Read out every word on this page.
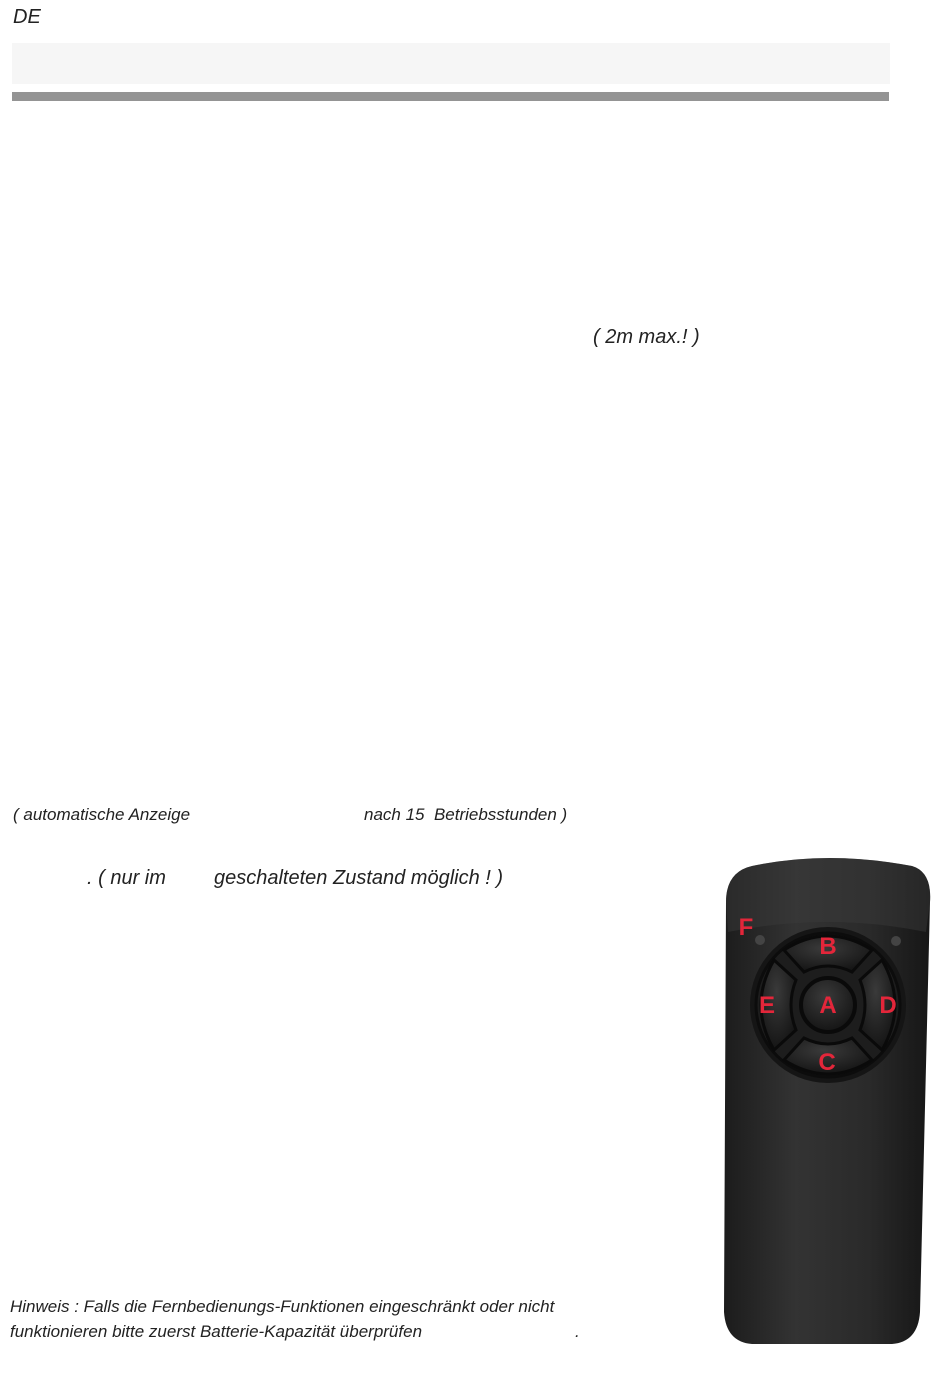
DE
( 2m max.! )
( automatische Anzeige	nach 15  Betriebsstunden )
. ( nur im geschalteten Zustand möglich ! )
Hinweis : Falls die Fernbedienungs-Funktionen eingeschränkt oder nicht
funktionieren bitte zuerst Batterie-Kapazität überprüfen	.
F
B
E A D
C
